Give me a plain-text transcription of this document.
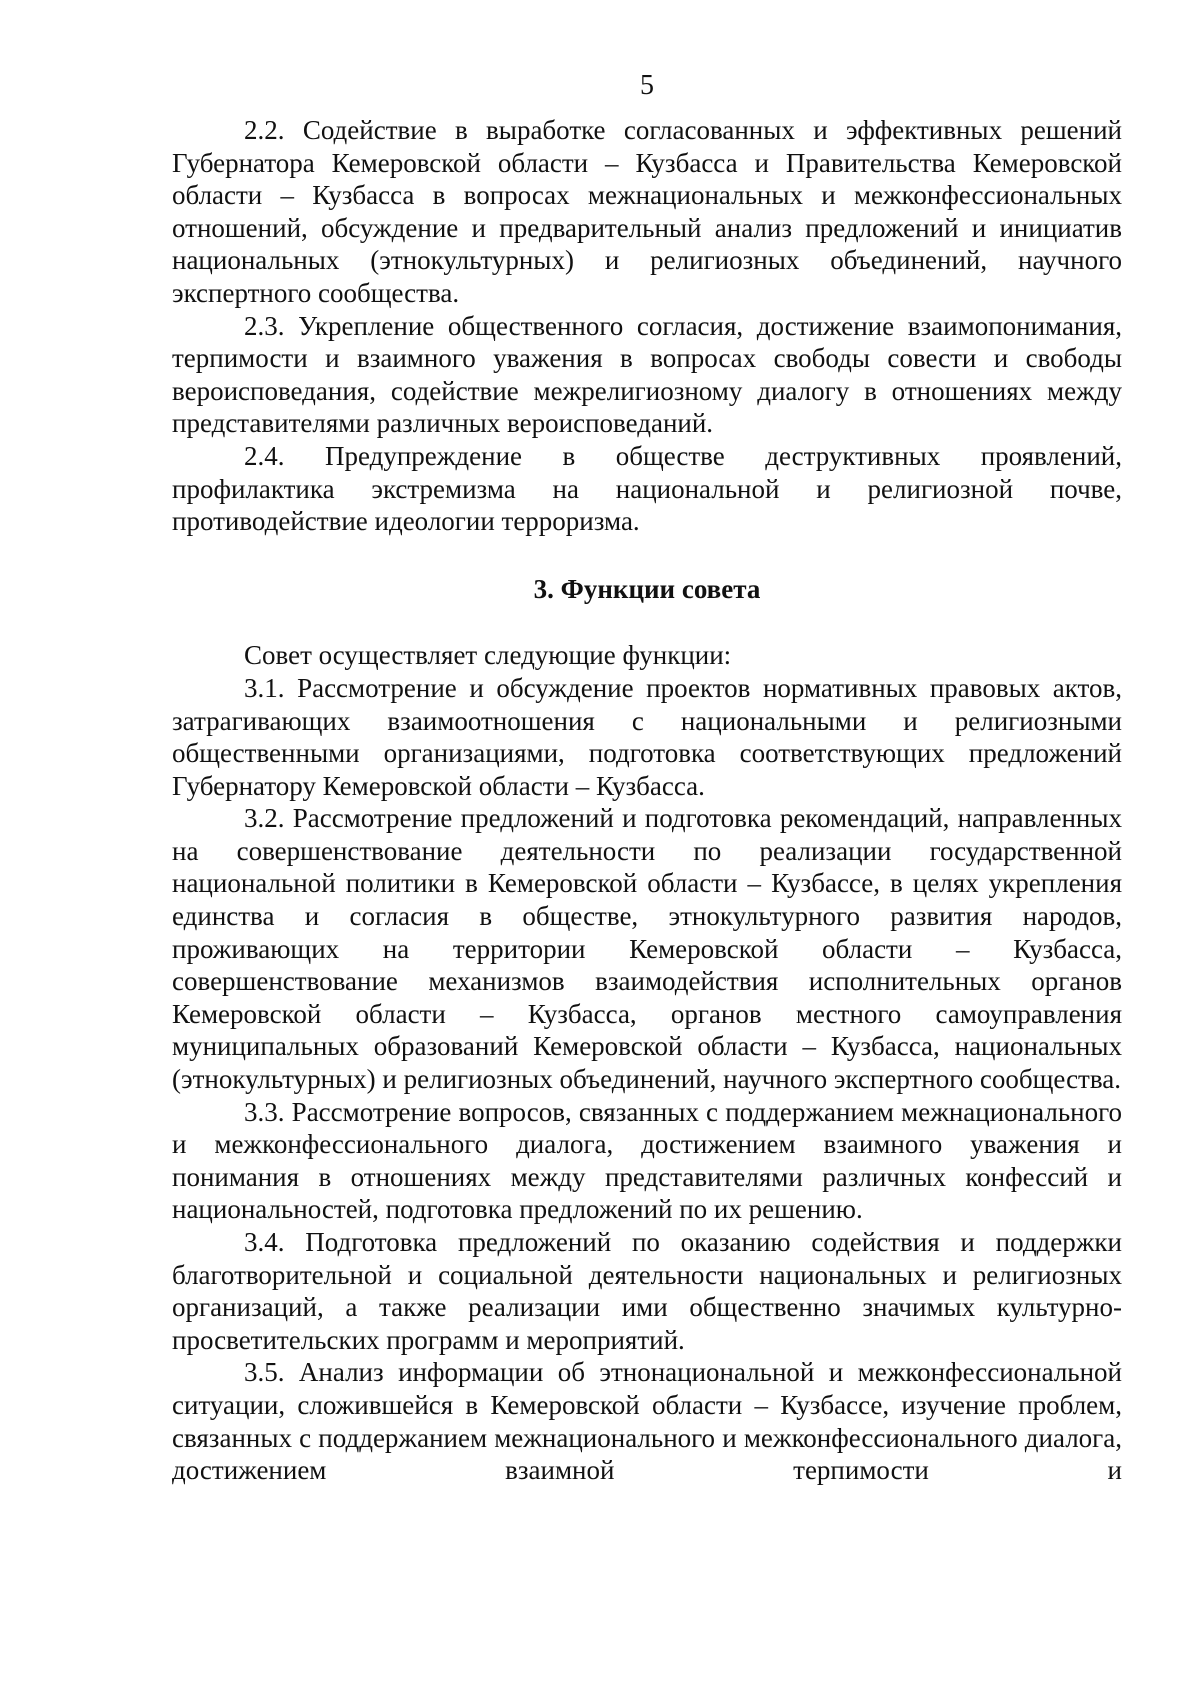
5

2.2. Содействие в выработке согласованных и эффективных решений Губернатора Кемеровской области – Кузбасса и Правительства Кемеровской области – Кузбасса в вопросах межнациональных и межконфессиональных отношений, обсуждение и предварительный анализ предложений и инициатив национальных (этнокультурных) и религиозных объединений, научного экспертного сообщества.

2.3. Укрепление общественного согласия, достижение взаимопонимания, терпимости и взаимного уважения в вопросах свободы совести и свободы вероисповедания, содействие межрелигиозному диалогу в отношениях между представителями различных вероисповеданий.

2.4. Предупреждение в обществе деструктивных проявлений, профилактика экстремизма на национальной и религиозной почве, противодействие идеологии терроризма.

3. Функции совета

Совет осуществляет следующие функции:

3.1. Рассмотрение и обсуждение проектов нормативных правовых актов, затрагивающих взаимоотношения с национальными и религиозными общественными организациями, подготовка соответствующих предложений Губернатору Кемеровской области – Кузбасса.

3.2. Рассмотрение предложений и подготовка рекомендаций, направленных на совершенствование деятельности по реализации государственной национальной политики в Кемеровской области – Кузбассе, в целях укрепления единства и согласия в обществе, этнокультурного развития народов, проживающих на территории Кемеровской области – Кузбасса, совершенствование механизмов взаимодействия исполнительных органов Кемеровской области – Кузбасса, органов местного самоуправления муниципальных образований Кемеровской области – Кузбасса, национальных (этнокультурных) и религиозных объединений, научного экспертного сообщества.

3.3. Рассмотрение вопросов, связанных с поддержанием межнационального и межконфессионального диалога, достижением взаимного уважения и понимания в отношениях между представителями различных конфессий и национальностей, подготовка предложений по их решению.

3.4. Подготовка предложений по оказанию содействия и поддержки благотворительной и социальной деятельности национальных и религиозных организаций, а также реализации ими общественно значимых культурно-просветительских программ и мероприятий.

3.5. Анализ информации об этнонациональной и межконфессиональной ситуации, сложившейся в Кемеровской области – Кузбассе, изучение проблем, связанных с поддержанием межнационального и межконфессионального диалога, достижением взаимной терпимости и
